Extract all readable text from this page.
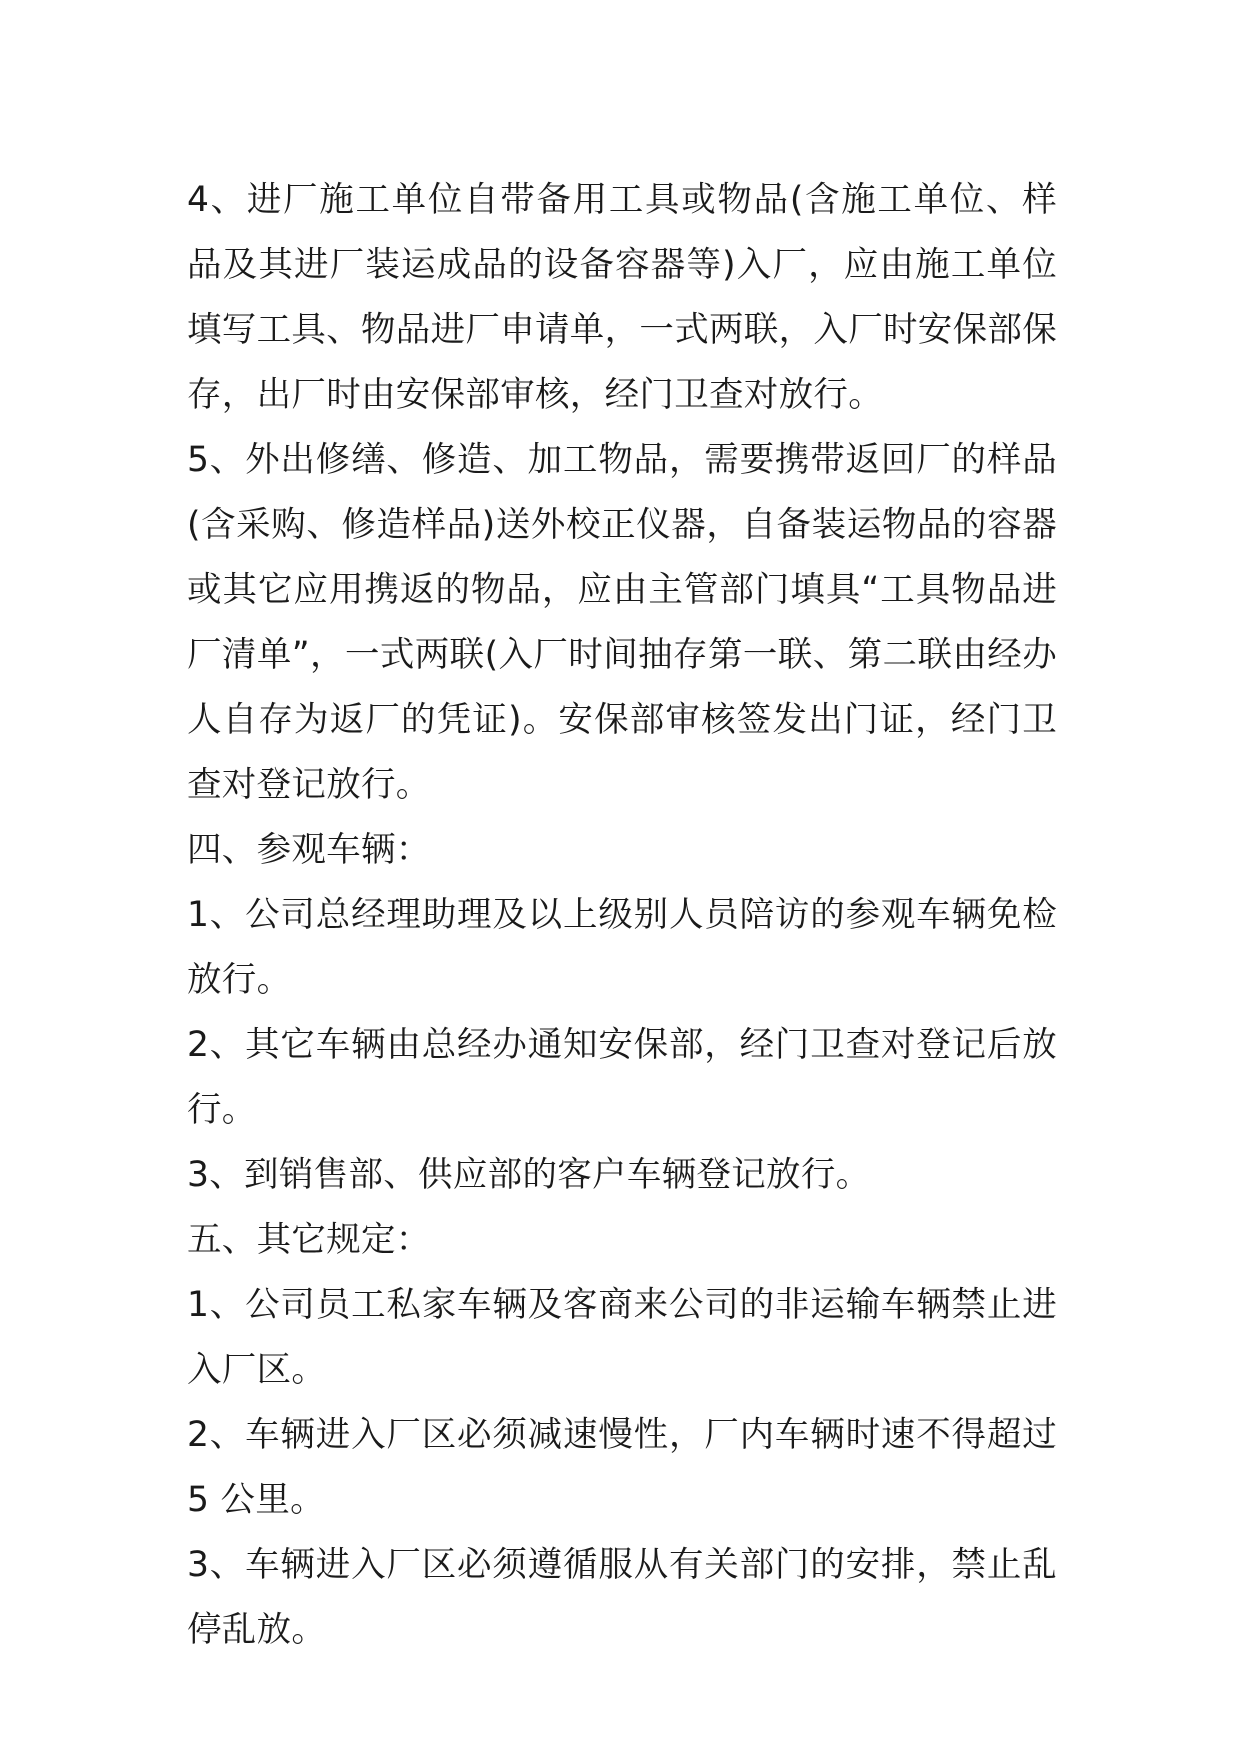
4、进厂施工单位自带备用工具或物品(含施工单位、样品及其进厂装运成品的设备容器等)入厂，应由施工单位填写工具、物品进厂申请单，一式两联，入厂时安保部保存，出厂时由安保部审核，经门卫查对放行。

5、外出修缮、修造、加工物品，需要携带返回厂的样品(含采购、修造样品)送外校正仪器，自备装运物品的容器或其它应用携返的物品，应由主管部门填具“工具物品进厂清单”，一式两联(入厂时间抽存第一联、第二联由经办人自存为返厂的凭证)。安保部审核签发出门证，经门卫查对登记放行。

四、参观车辆：

1、公司总经理助理及以上级别人员陪访的参观车辆免检放行。

2、其它车辆由总经办通知安保部，经门卫查对登记后放行。

3、到销售部、供应部的客户车辆登记放行。

五、其它规定：

1、公司员工私家车辆及客商来公司的非运输车辆禁止进入厂区。

2、车辆进入厂区必须减速慢性，厂内车辆时速不得超过 5 公里。

3、车辆进入厂区必须遵循服从有关部门的安排，禁止乱停乱放。
